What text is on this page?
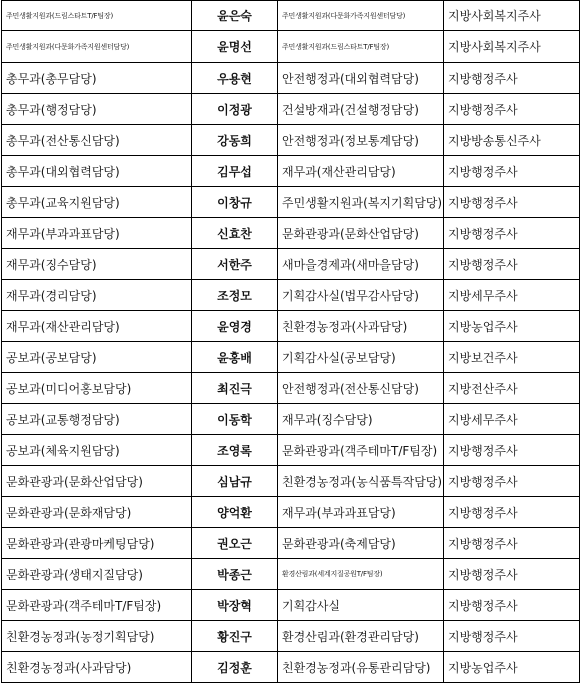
주민생활지원과(드림스타트T/F팀장)	윤은숙	주민생활지원과(다문화가족지원센터담당)	지방사회복지주사
주민생활지원과(다문화가족지원센터담당)	윤명선	주민생활지원과(드림스타트T/F팀장)	지방사회복지주사
총무과(총무담당)	우용현	안전행정과(대외협력담당)	지방행정주사
총무과(행정담당)	이정광	건설방재과(건설행정담당)	지방행정주사
총무과(전산통신담당)	강동희	안전행정과(정보통계담당)	지방방송통신주사
총무과(대외협력담당)	김무섭	재무과(재산관리담당)	지방행정주사
총무과(교육지원담당)	이창규	주민생활지원과(복지기획담당)	지방행정주사
재무과(부과과표담당)	신효찬	문화관광과(문화산업담당)	지방행정주사
재무과(징수담당)	서한주	새마을경제과(새마을담당)	지방행정주사
재무과(경리담당)	조정모	기획감사실(법무감사담당)	지방세무주사
재무과(재산관리담당)	윤영경	친환경농정과(사과담당)	지방농업주사
공보과(공보담당)	윤홍배	기획감사실(공보담당)	지방보건주사
공보과(미디어홍보담당)	최진극	안전행정과(전산통신담당)	지방전산주사
공보과(교통행정담당)	이동학	재무과(징수담당)	지방세무주사
공보과(체육지원담당)	조영록	문화관광과(객주테마T/F팀장)	지방행정주사
문화관광과(문화산업담당)	심남규	친환경농정과(농식품특작담당)	지방행정주사
문화관광과(문화재담당)	양억환	재무과(부과과표담당)	지방행정주사
문화관광과(관광마케팅담당)	권오근	문화관광과(축제담당)	지방행정주사
문화관광과(생태지질담당)	박종근	환경산림과(세계지질공원T/F팀장)	지방행정주사
문화관광과(객주테마T/F팀장)	박장혁	기획감사실	지방행정주사
친환경농정과(농정기획담당)	황진구	환경산림과(환경관리담당)	지방행정주사
친환경농정과(사과담당)	김정훈	친환경농정과(유통관리담당)	지방농업주사
